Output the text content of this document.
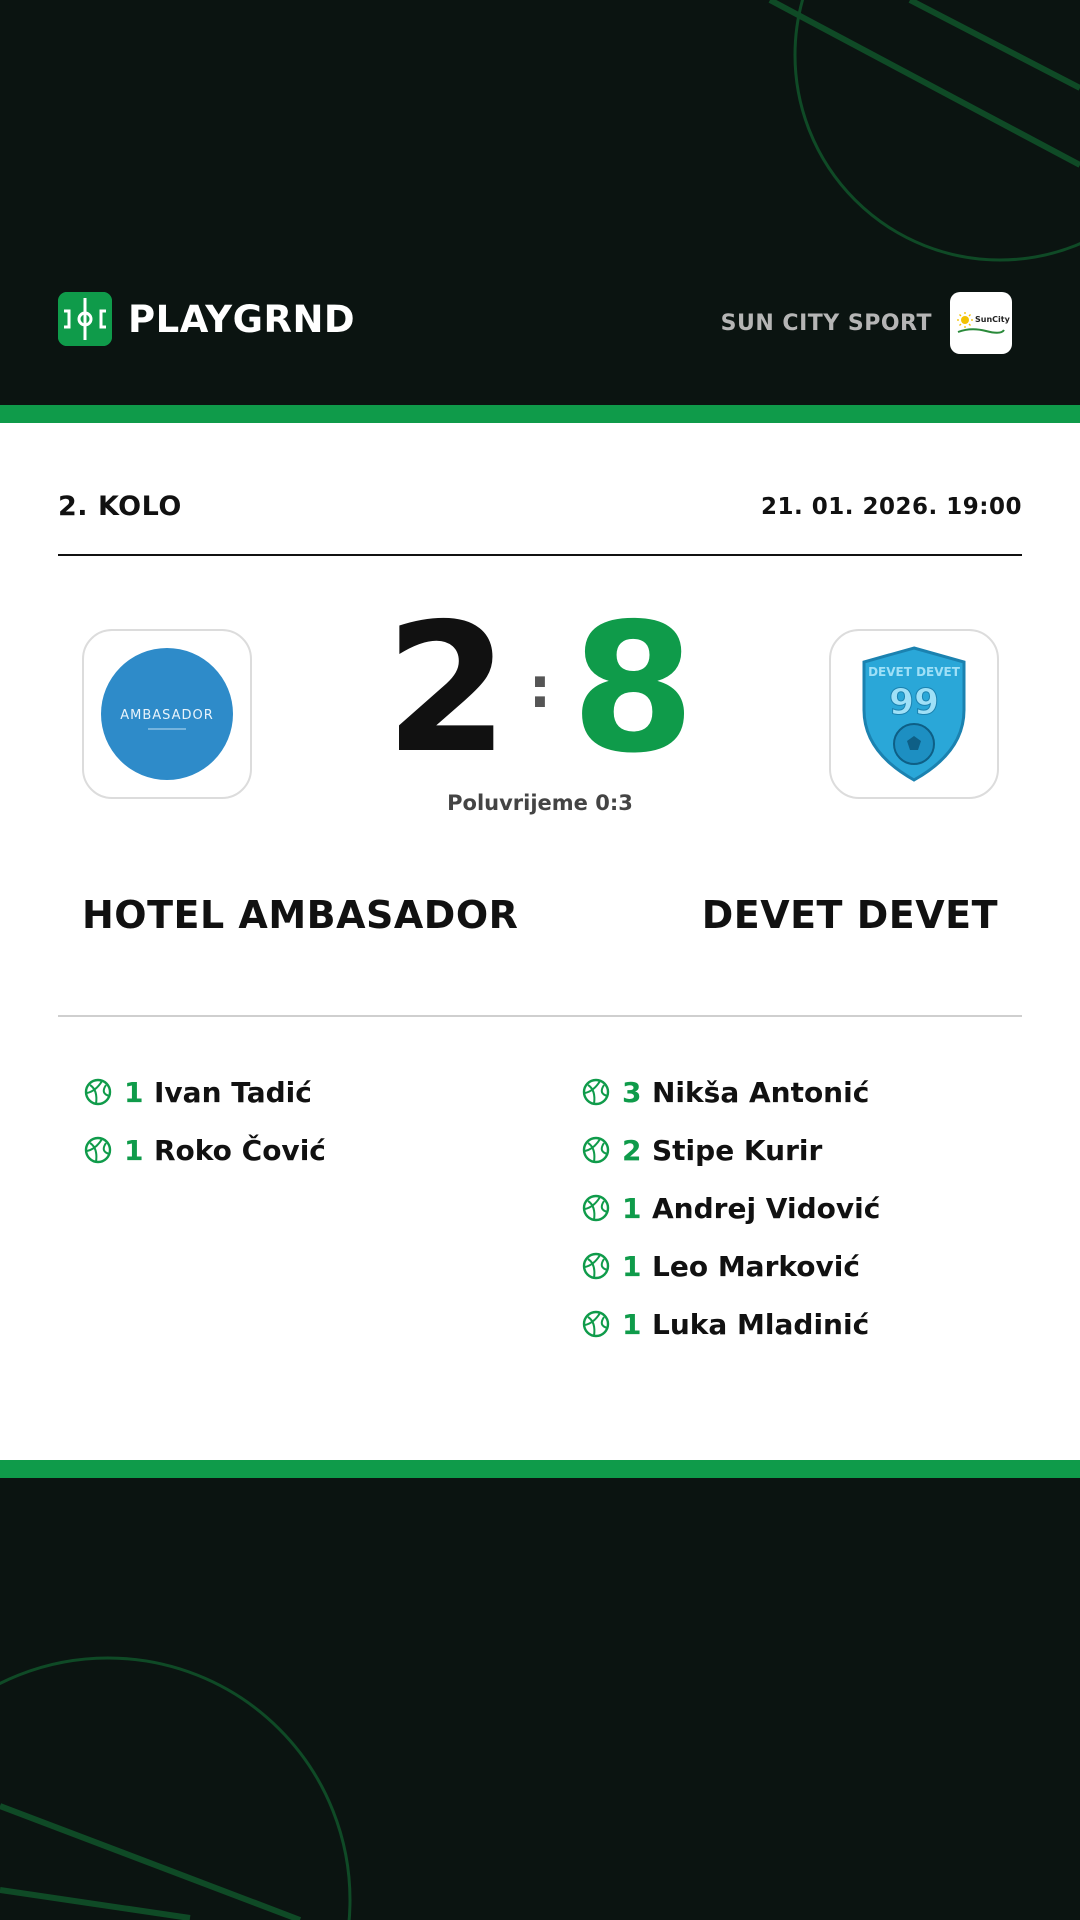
PLAYGRND	SUN CITY SPORT	SunCity
2. KOLO	21. 01. 2026. 19:00
AMBASADOR 2 : 8
Poluvrijeme 0:3
DEVET DEVET
99
HOTEL AMBASADOR	DEVET DEVET
1 Ivan Tadić
1 Roko Čović
3 Nikša Antonić
2 Stipe Kurir
1 Andrej Vidović
1 Leo Marković
1 Luka Mladinić
